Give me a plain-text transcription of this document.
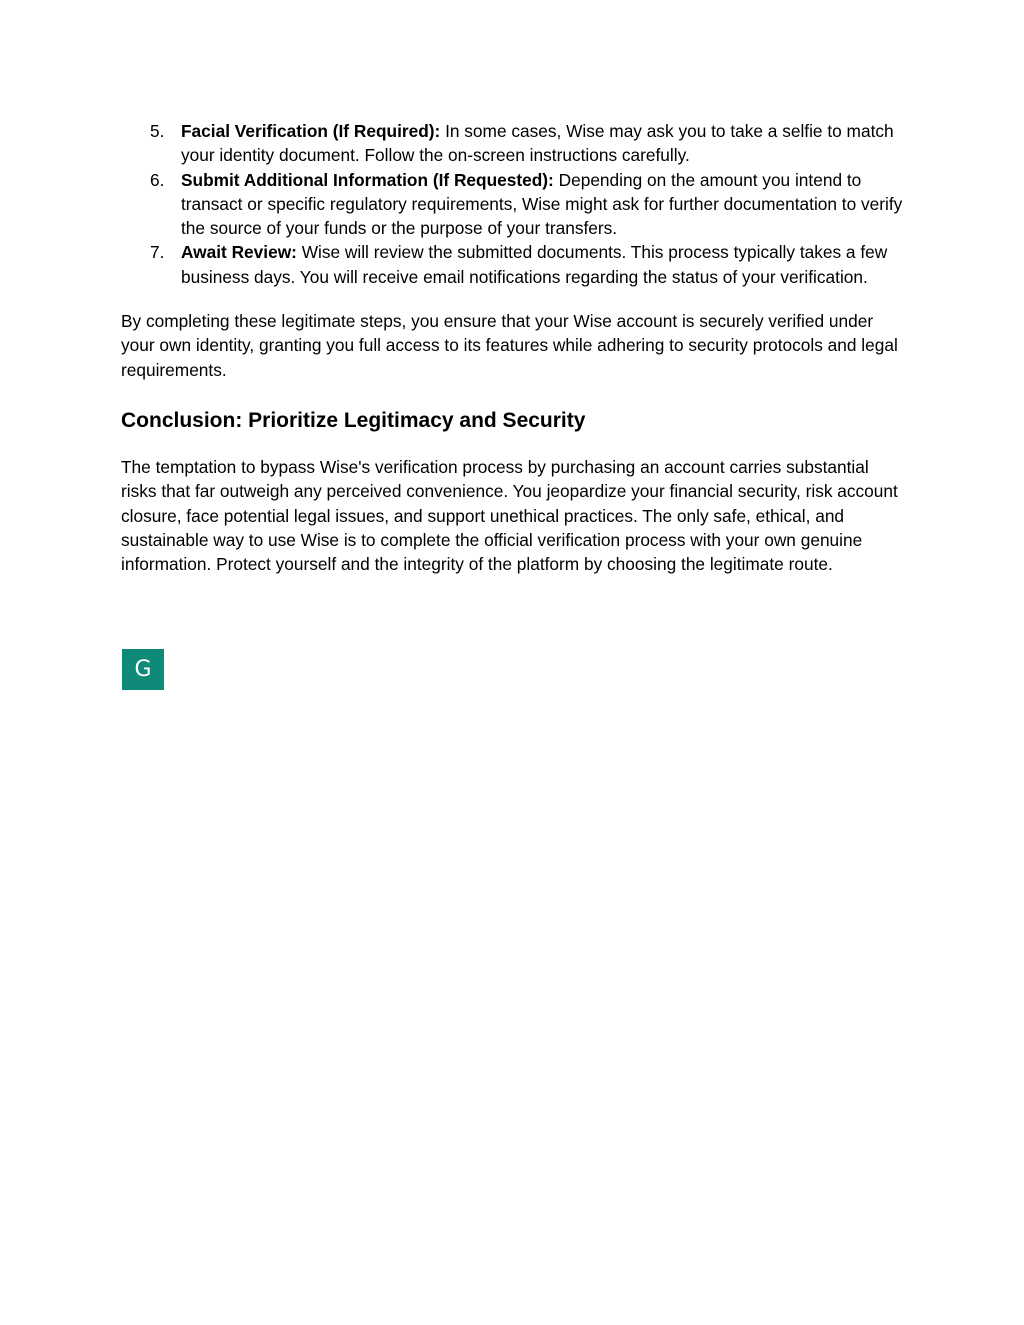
5. Facial Verification (If Required): In some cases, Wise may ask you to take a selfie to match your identity document. Follow the on-screen instructions carefully.
6. Submit Additional Information (If Requested): Depending on the amount you intend to transact or specific regulatory requirements, Wise might ask for further documentation to verify the source of your funds or the purpose of your transfers.
7. Await Review: Wise will review the submitted documents. This process typically takes a few business days. You will receive email notifications regarding the status of your verification.

By completing these legitimate steps, you ensure that your Wise account is securely verified under your own identity, granting you full access to its features while adhering to security protocols and legal requirements.

Conclusion: Prioritize Legitimacy and Security

The temptation to bypass Wise's verification process by purchasing an account carries substantial risks that far outweigh any perceived convenience. You jeopardize your financial security, risk account closure, face potential legal issues, and support unethical practices. The only safe, ethical, and sustainable way to use Wise is to complete the official verification process with your own genuine information. Protect yourself and the integrity of the platform by choosing the legitimate route.

G
